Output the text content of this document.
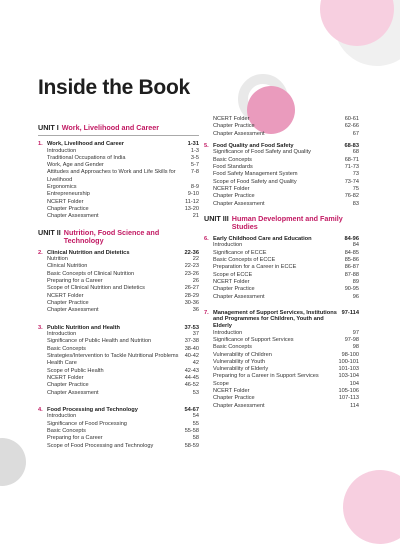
Inside the Book
UNIT I Work, Livelihood and Career
1. Work, Livelihood and Career	1-31
Introduction	1-3
Traditional Occupations of India	3-5
Work, Age and Gender	5-7
Attitudes and Approaches to Work and Life Skills for Livelihood
7-8
Ergonomics	8-9
Entrepreneurship	9-10
NCERT Folder	11-12
Chapter Practice	13-20
Chapter Assessment	21
UNIT II Nutrition, Food Science and Technology
2. Clinical Nutrition and Dietetics	22-36
Nutrition	22
Clinical Nutrition	22-23
Basic Concepts of Clinical Nutrition	23-26
Preparing for a Career	26
Scope of Clinical Nutrition and Dietetics	26-27
NCERT Folder	28-29
Chapter Practice	30-36
Chapter Assessment	36
3. Public Nutrition and Health	37-53
Introduction	37
Significance of Public Health and Nutrition	37-38
Basic Concepts	38-40
Strategies/Intervention to Tackle Nutritional Problems	40-42
Health Care	42
Scope of Public Health	42-43
NCERT Folder	44-45
Chapter Practice	46-52
Chapter Assessment	53
4. Food Processing and Technology	54-67
Introduction	54
Significance of Food Processing	55
Basic Concepts	55-58
Preparing for a Career	58
Scope of Food Processing and Technology	58-59
NCERT Folder	60-61
Chapter Practice	62-66
Chapter Assessment	67
5. Food Quality and Food Safety	68-83
Significance of Food Safety and Quality	68
Basic Concepts	68-71
Food Standards	71-73
Food Safety Management System	73
Scope of Food Safety and Quality	73-74
NCERT Folder	75
Chapter Practice	76-82
Chapter Assessment	83
UNIT III Human Development and Family Studies
6. Early Childhood Care and Education	84-96
Introduction	84
Significance of ECCE	84-85
Basic Concepts of ECCE	85-86
Preparation for a Career in ECCE	86-87
Scope of ECCE	87-88
NCERT Folder	89
Chapter Practice	90-95
Chapter Assessment	96
7. Management of Support Services, Institutions and Programmes for Children, Youth and Elderly
97-114
Introduction	97
Significance of Support Services	97-98
Basic Concepts	98
Vulnerability of Children	98-100
Vulnerability of Youth	100-101
Vulnerability of Elderly	101-103
Preparing for a Career in Support Services	103-104
Scope	104
NCERT Folder	105-106
Chapter Practice	107-113
Chapter Assessment	114
